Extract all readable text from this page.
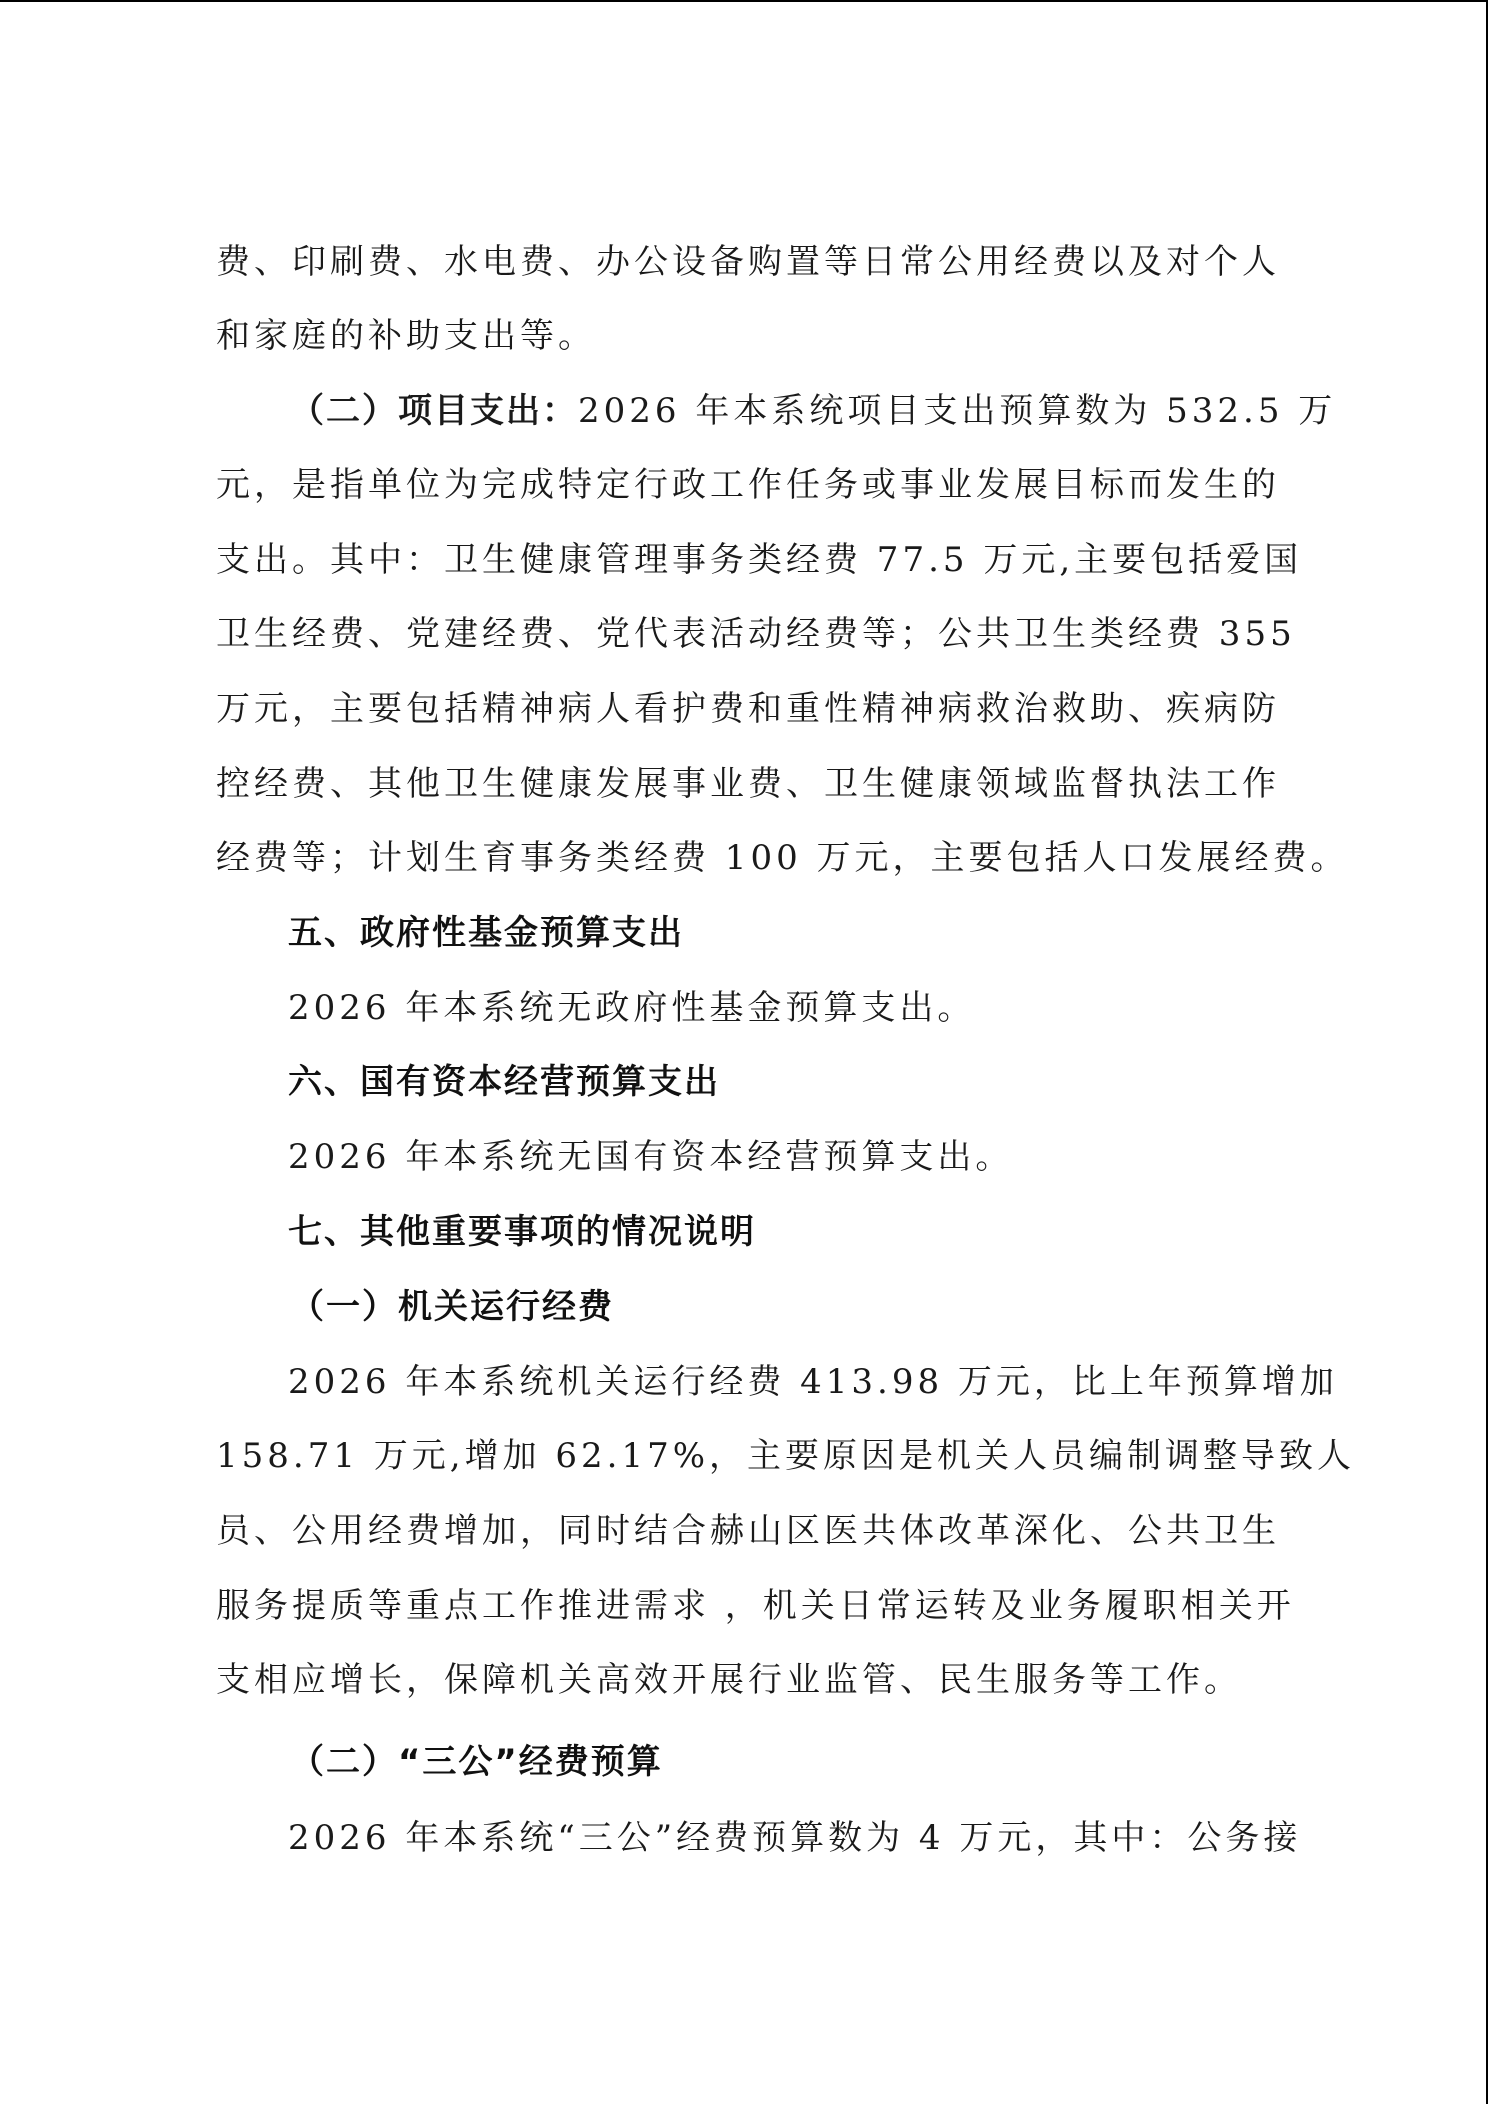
费、印刷费、水电费、办公设备购置等日常公用经费以及对个人
和家庭的补助支出等。
（二）项目支出：2026 年本系统项目支出预算数为 532.5 万
元，是指单位为完成特定行政工作任务或事业发展目标而发生的
支出。其中：卫生健康管理事务类经费 77.5 万元,主要包括爱国
卫生经费、党建经费、党代表活动经费等；公共卫生类经费 355
万元，主要包括精神病人看护费和重性精神病救治救助、疾病防
控经费、其他卫生健康发展事业费、卫生健康领域监督执法工作
经费等；计划生育事务类经费 100 万元，主要包括人口发展经费。
五、政府性基金预算支出
2026 年本系统无政府性基金预算支出。
六、国有资本经营预算支出
2026 年本系统无国有资本经营预算支出。
七、其他重要事项的情况说明
（一）机关运行经费
2026 年本系统机关运行经费 413.98 万元，比上年预算增加
158.71 万元,增加 62.17%，主要原因是机关人员编制调整导致人
员、公用经费增加，同时结合赫山区医共体改革深化、公共卫生
服务提质等重点工作推进需求 ，机关日常运转及业务履职相关开
支相应增长，保障机关高效开展行业监管、民生服务等工作。
（二）“三公”经费预算
2026 年本系统“三公”经费预算数为 4 万元，其中：公务接
